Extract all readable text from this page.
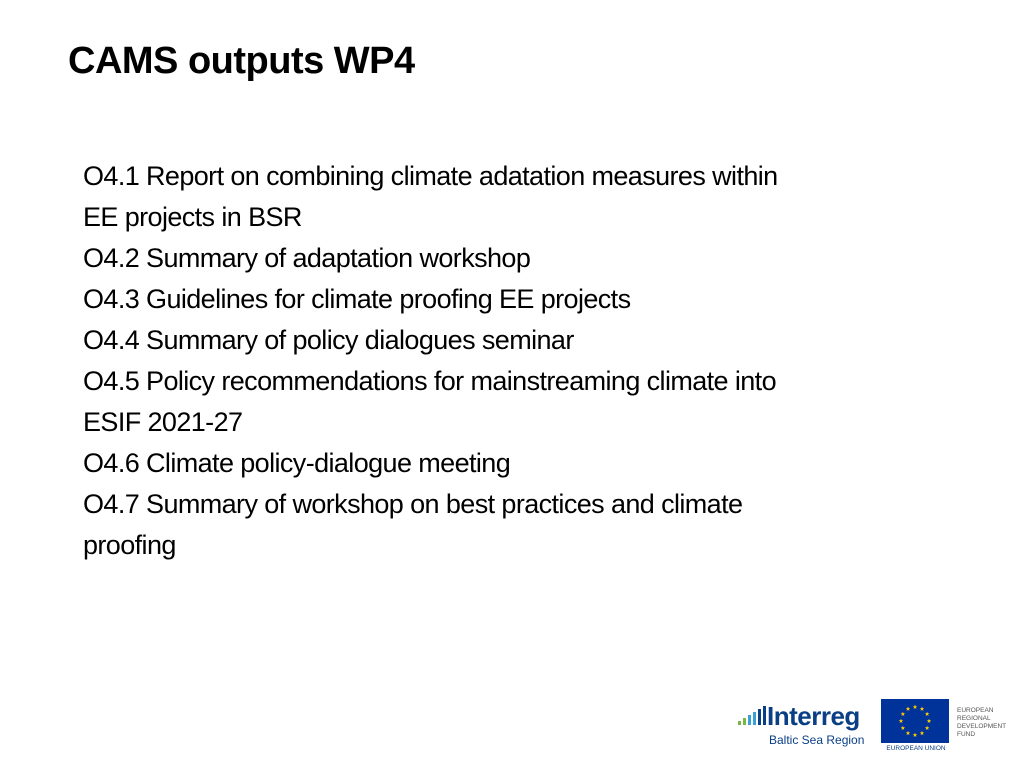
CAMS outputs WP4
O4.1 Report on combining climate adatation measures within
EE projects in BSR
O4.2 Summary of adaptation workshop
O4.3 Guidelines for climate proofing EE projects
O4.4 Summary of policy dialogues seminar
O4.5 Policy recommendations for mainstreaming climate into
ESIF 2021-27
O4.6 Climate policy-dialogue meeting
O4.7 Summary of workshop on best practices and climate
proofing
Interreg
Baltic Sea Region
EUROPEAN UNION
EUROPEAN
REGIONAL
DEVELOPMENT
FUND
